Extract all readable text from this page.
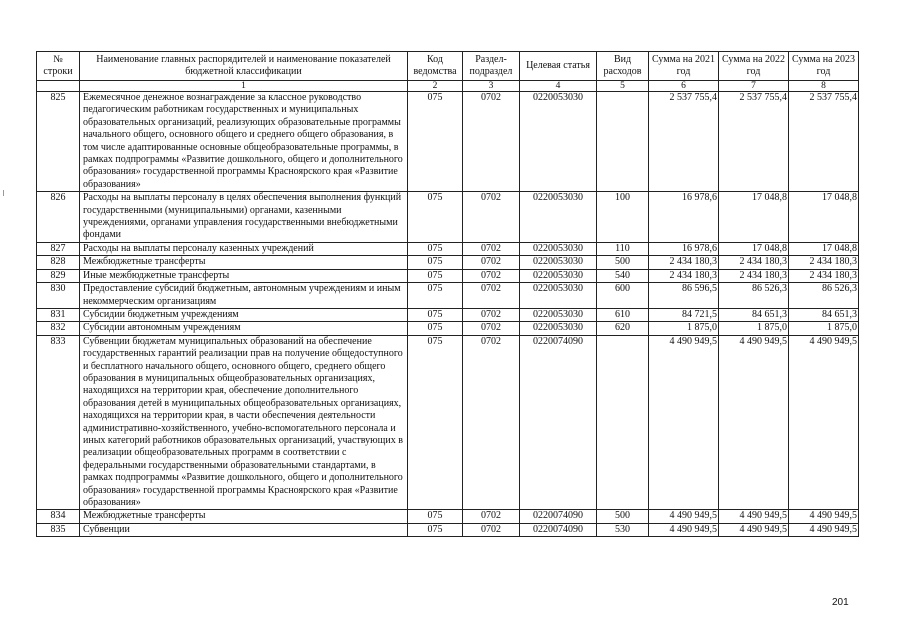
№ строки	Наименование главных распорядителей и наименование показателей бюджетной классификации	Код ведомства	Раздел-подраздел	Целевая статья	Вид расходов	Сумма на 2021 год	Сумма на 2022 год	Сумма на 2023 год
	1	2	3	4	5	6	7	8
825	Ежемесячное денежное вознаграждение за классное руководство педагогическим работникам государственных и муниципальных образовательных организаций, реализующих образовательные программы начального общего, основного общего и среднего общего образования, в том числе адаптированные основные общеобразовательные программы, в рамках подпрограммы «Развитие дошкольного, общего и дополнительного образования» государственной программы Красноярского края «Развитие образования»	075	0702	0220053030		2 537 755,4	2 537 755,4	2 537 755,4
826	Расходы на выплаты персоналу в целях обеспечения выполнения функций государственными (муниципальными) органами, казенными учреждениями, органами управления государственными внебюджетными фондами	075	0702	0220053030	100	16 978,6	17 048,8	17 048,8
827	Расходы на выплаты персоналу казенных учреждений	075	0702	0220053030	110	16 978,6	17 048,8	17 048,8
828	Межбюджетные трансферты	075	0702	0220053030	500	2 434 180,3	2 434 180,3	2 434 180,3
829	Иные межбюджетные трансферты	075	0702	0220053030	540	2 434 180,3	2 434 180,3	2 434 180,3
830	Предоставление субсидий бюджетным, автономным учреждениям и иным некоммерческим организациям	075	0702	0220053030	600	86 596,5	86 526,3	86 526,3
831	Субсидии бюджетным учреждениям	075	0702	0220053030	610	84 721,5	84 651,3	84 651,3
832	Субсидии автономным учреждениям	075	0702	0220053030	620	1 875,0	1 875,0	1 875,0
833	Субвенции бюджетам муниципальных образований на обеспечение государственных гарантий реализации прав на получение общедоступного и бесплатного начального общего, основного общего, среднего общего образования в муниципальных общеобразовательных организациях, находящихся на территории края, обеспечение дополнительного образования детей в муниципальных общеобразовательных организациях, находящихся на территории края, в части обеспечения деятельности административно-хозяйственного, учебно-вспомогательного персонала и иных категорий работников образовательных организаций, участвующих в реализации общеобразовательных программ в соответствии с федеральными государственными образовательными стандартами, в рамках подпрограммы «Развитие дошкольного, общего и дополнительного образования» государственной программы Красноярского края «Развитие образования»	075	0702	0220074090		4 490 949,5	4 490 949,5	4 490 949,5
834	Межбюджетные трансферты	075	0702	0220074090	500	4 490 949,5	4 490 949,5	4 490 949,5
835	Субвенции	075	0702	0220074090	530	4 490 949,5	4 490 949,5	4 490 949,5
201
